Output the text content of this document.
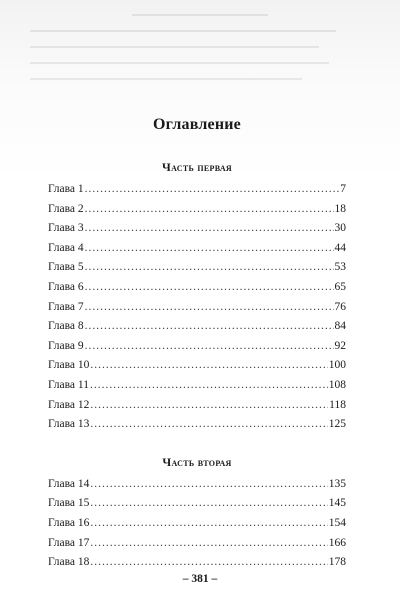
Оглавление
Часть первая
Глава 1 .....	7
Глава 2 .....	18
Глава 3 .....	30
Глава 4 .....	44
Глава 5 .....	53
Глава 6 .....	65
Глава 7 .....	76
Глава 8 .....	84
Глава 9 .....	92
Глава 10 .....	100
Глава 11 .....	108
Глава 12 .....	118
Глава 13 .....	125
Часть вторая
Глава 14 .....	135
Глава 15 .....	145
Глава 16 .....	154
Глава 17 .....	166
Глава 18 .....	178
– 381 –
